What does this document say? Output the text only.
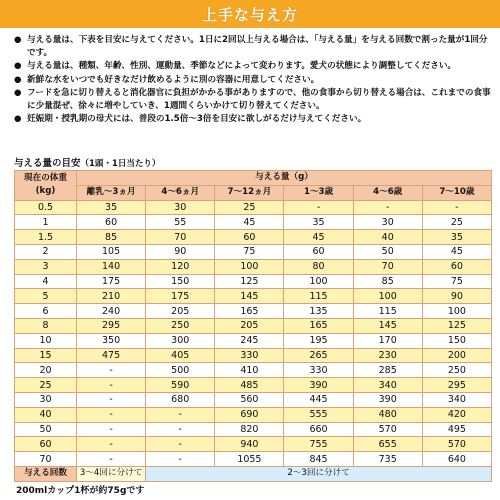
上手な与え方
● 与える量は、下表を目安に与えてください。1日に2回以上与える場合は、「与える量」を与える回数で割った量が1回分です。
● 与える量は、種類、年齢、性別、運動量、季節などによって変わります。愛犬の状態により調整してください。
● 新鮮な水をいつでも好きなだけ飲めるように別の容器に用意してください。
● フードを急に切り替えると消化器官に負担がかかる事がありますので、他の食事から切り替える場合は、これまでの食事に少量混ぜ、徐々に増やしていき、1週間くらいかけて切り替えてください。
● 妊娠期・授乳期の母犬には、普段の1.5倍～3倍を目安に欲しがるだけ与えてください。
与える量の目安（1頭・1日当たり）
現在の体重(kg)	与える量（g）					
	離乳～3ヵ月	4～6ヵ月	7～12ヵ月	1～3歳	4～6歳	7～10歳
0.5	35	30	25	-	-	-
1	60	55	45	35	30	25
1.5	85	70	60	45	40	35
2	105	90	75	60	50	45
3	140	120	100	80	70	60
4	175	150	125	100	85	75
5	210	175	145	115	100	90
6	240	205	165	135	115	100
8	295	250	205	165	145	125
10	350	300	245	195	170	150
15	475	405	330	265	230	200
20	-	500	410	330	285	250
25	-	590	485	390	340	295
30	-	680	560	445	390	340
40	-	-	690	555	480	420
50	-	-	820	660	570	495
60	-	-	940	755	655	570
70	-	-	1055	845	735	640
与える回数	3～4回に分けて	2～3回に分けて				
200mlカップ1杯が約75gです
